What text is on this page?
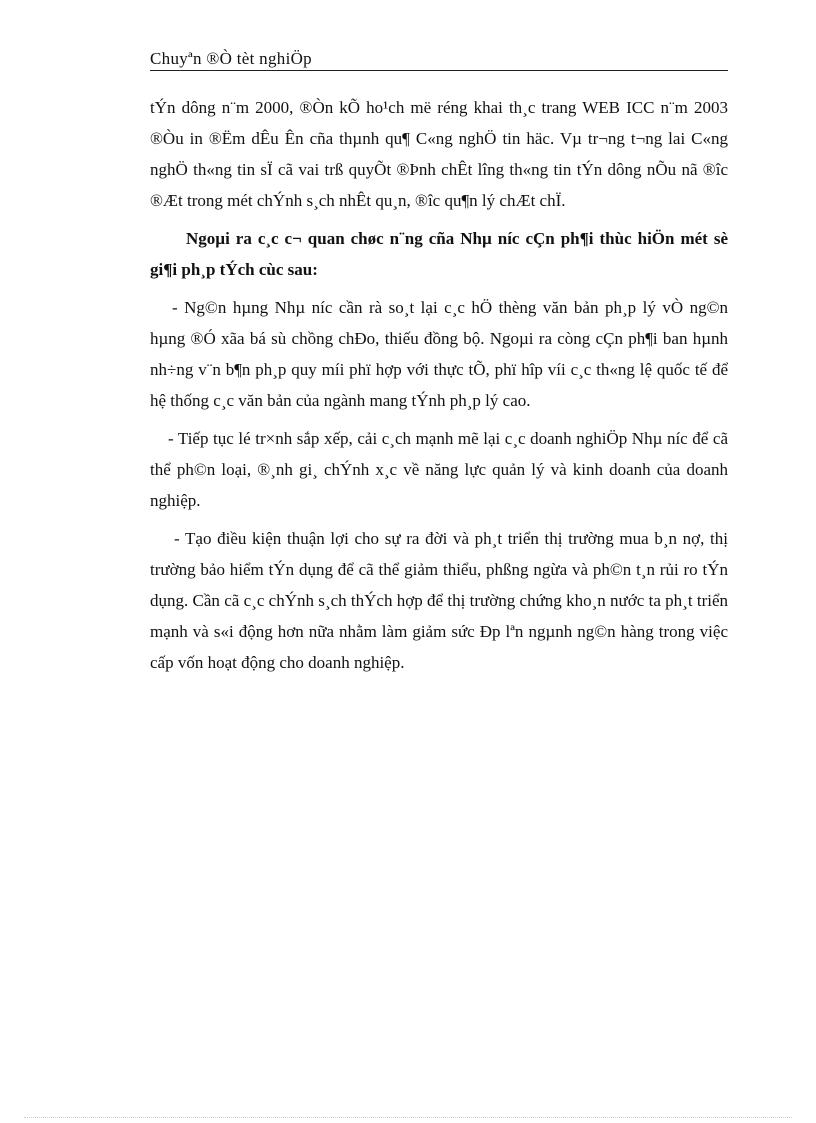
Chuyªn ®Ò tèt nghiÖp

tÝn dông n¨m 2000, ®Òn kÕ ho¹ch më réng khai th¸c trang WEB ICC n¨m 2003 ®Òu in ®Ëm dÊu Ên cña thµnh qu¶ C«ng nghÖ tin häc. Vµ tr¬ng t¬ng lai C«ng nghÖ th«ng tin sÏ cã vai trß quyÕt ®Þnh chÊt lîng th«ng tin tÝn dông nÕu nã ®îc ®Æt trong mét chÝnh s¸ch nhÊt qu¸n, ®îc qu¶n lý chÆt chÏ.

Ngoµi ra c¸c c¬ quan chøc n¨ng cña Nhµ níc cÇn ph¶i thùc hiÖn mét sè gi¶i ph¸p tÝch cùc sau:

- Ng©n hµng Nhµ níc cần rà so¸t lại c¸c hÖ thèng văn bản ph¸p lý vÒ ng©n hµng ®Ó xãa bá sù chồng chÐo, thiếu đồng bộ. Ngoµi ra còng cÇn ph¶i ban hµnh nh÷ng v¨n b¶n ph¸p quy míi phï hợp với thực tÕ, phï hîp víi c¸c th«ng lệ quốc tế để hệ thống c¸c văn bản của ngành mang tÝnh ph¸p lý cao.

- Tiếp tục lé tr×nh sắp xếp, cải c¸ch mạnh mẽ lại c¸c doanh nghiÖp Nhµ níc để cã thể ph©n loại, ®¸nh gi¸ chÝnh x¸c về năng lực quản lý và kinh doanh của doanh nghiệp.

- Tạo điều kiện thuận lợi cho sự ra đời và ph¸t triển thị trường mua b¸n nợ, thị trường bảo hiểm tÝn dụng để cã thể giảm thiểu, phßng ngừa và ph©n t¸n rủi ro tÝn dụng. Cần cã c¸c chÝnh s¸ch thÝch hợp để thị trường chứng kho¸n nước ta ph¸t triển mạnh và s«i động hơn nữa nhằm làm giảm sức Ðp lªn ngµnh ng©n hàng trong việc cấp vốn hoạt động cho doanh nghiệp.
